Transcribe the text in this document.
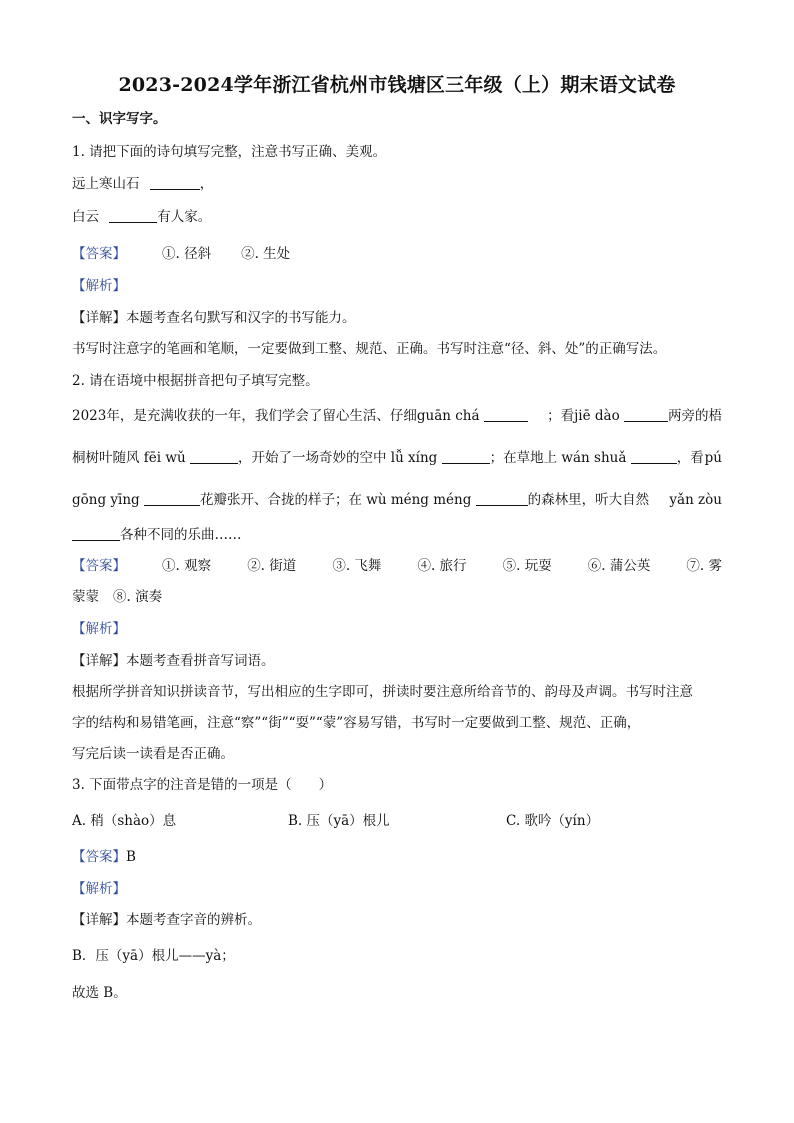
2023-2024学年浙江省杭州市钱塘区三年级（上）期末语文试卷
一、识字写字。
1. 请把下面的诗句填写完整，注意书写正确、美观。
远上寒山石	，
白云	有人家。
【答案】	①. 径斜 ②. 生处
【解析】
【详解】本题考查名句默写和汉字的书写能力。
书写时注意字的笔画和笔顺，一定要做到工整、规范、正确。书写时注意“径、斜、处”的正确写法。
2. 请在语境中根据拼音把句子填写完整。
2023年，是充满收获的一年，我们学会了留心生活、仔细guān chá	；看jiē dào	两旁的梧
桐树叶随风 fēi wǔ	，开始了一场奇妙的空中 lǚ xíng	；在草地上 wán shuǎ	，看 pú
gōng yīng	花瓣张开、合拢的样子；在 wù méng méng	的森林里，听大自然 yǎn zòu
各种不同的乐曲……
【答案】	①. 观察	②. 街道	③. 飞舞	④. 旅行	⑤. 玩耍	⑥. 蒲公英	⑦. 雾
蒙蒙 ⑧. 演奏
【解析】
【详解】本题考查看拼音写词语。
根据所学拼音知识拼读音节，写出相应的生字即可，拼读时要注意所给音节的、韵母及声调。书写时注意
字的结构和易错笔画，注意“察”“街”“耍”“蒙”容易写错，书写时一定要做到工整、规范、正确，
写完后读一读看是否正确。
3. 下面带点字的注音是错的一项是（　　）
A. 稍（shào）息	B. 压（yā）根儿	C. 歌吟（yín）
【答案】B
【解析】
【详解】本题考查字音的辨析。
B．压（yā）根儿——yà；
故选 B。
